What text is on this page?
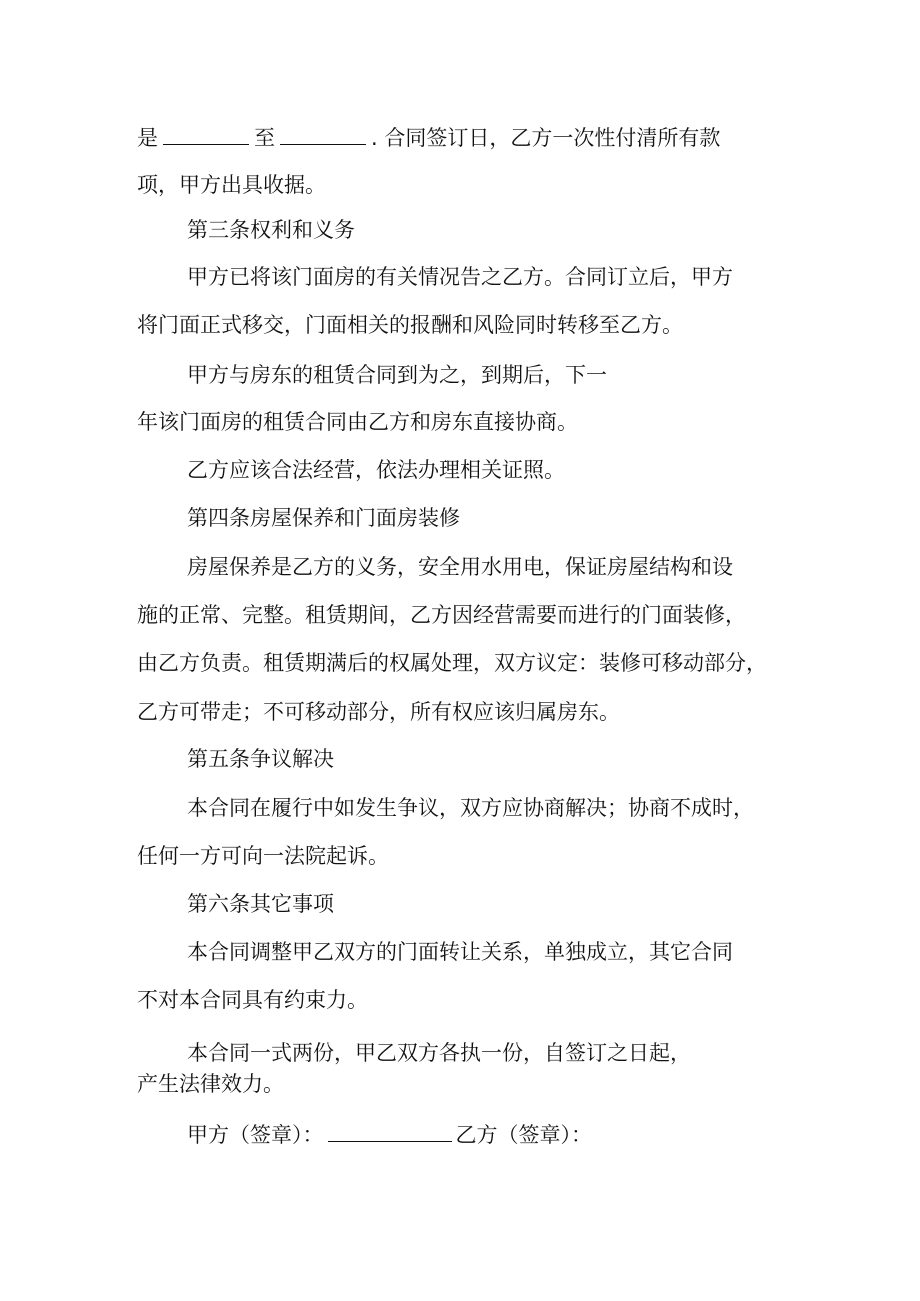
是	至	. 合同签订日，乙方一次性付清所有款
项，甲方出具收据。
第三条权利和义务
甲方已将该门面房的有关情况告之乙方。合同订立后，甲方
将门面正式移交，门面相关的报酬和风险同时转移至乙方。
甲方与房东的租赁合同到为之，到期后，下一
年该门面房的租赁合同由乙方和房东直接协商。
乙方应该合法经营，依法办理相关证照。
第四条房屋保养和门面房装修
房屋保养是乙方的义务，安全用水用电，保证房屋结构和设
施的正常、完整。租赁期间，乙方因经营需要而进行的门面装修，
由乙方负责。租赁期满后的权属处理，双方议定：装修可移动部分，
乙方可带走；不可移动部分，所有权应该归属房东。
第五条争议解决
本合同在履行中如发生争议，双方应协商解决；协商不成时，
任何一方可向一法院起诉。
第六条其它事项
本合同调整甲乙双方的门面转让关系，单独成立，其它合同
不对本合同具有约束力。
本合同一式两份，甲乙双方各执一份，自签订之日起，
产生法律效力。
甲方（签章）：	乙方（签章）：
